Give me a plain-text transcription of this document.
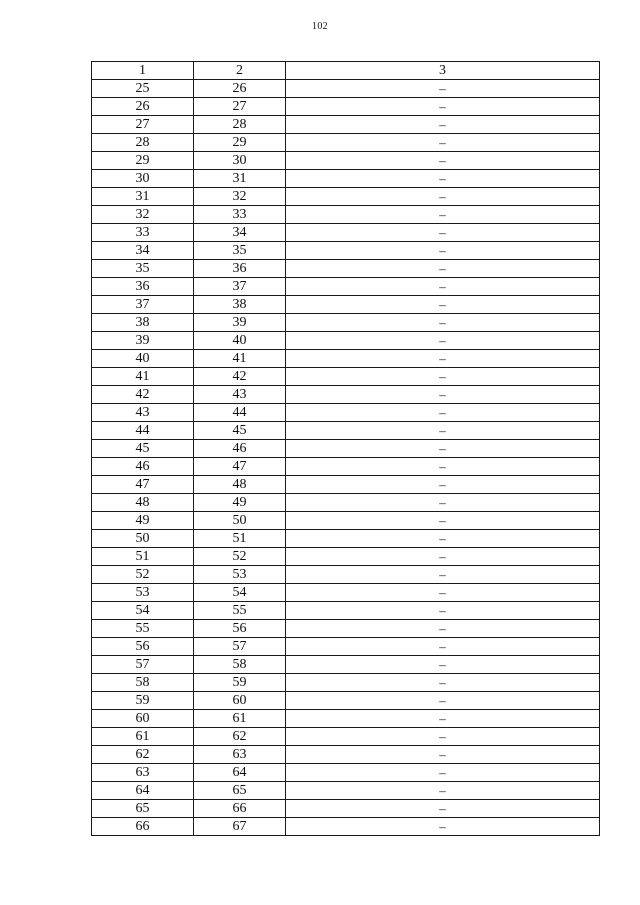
102
1	2	3
25	26	–
26	27	–
27	28	–
28	29	–
29	30	–
30	31	–
31	32	–
32	33	–
33	34	–
34	35	–
35	36	–
36	37	–
37	38	–
38	39	–
39	40	–
40	41	–
41	42	–
42	43	–
43	44	–
44	45	–
45	46	–
46	47	–
47	48	–
48	49	–
49	50	–
50	51	–
51	52	–
52	53	–
53	54	–
54	55	–
55	56	–
56	57	–
57	58	–
58	59	–
59	60	–
60	61	–
61	62	–
62	63	–
63	64	–
64	65	–
65	66	–
66	67	–
